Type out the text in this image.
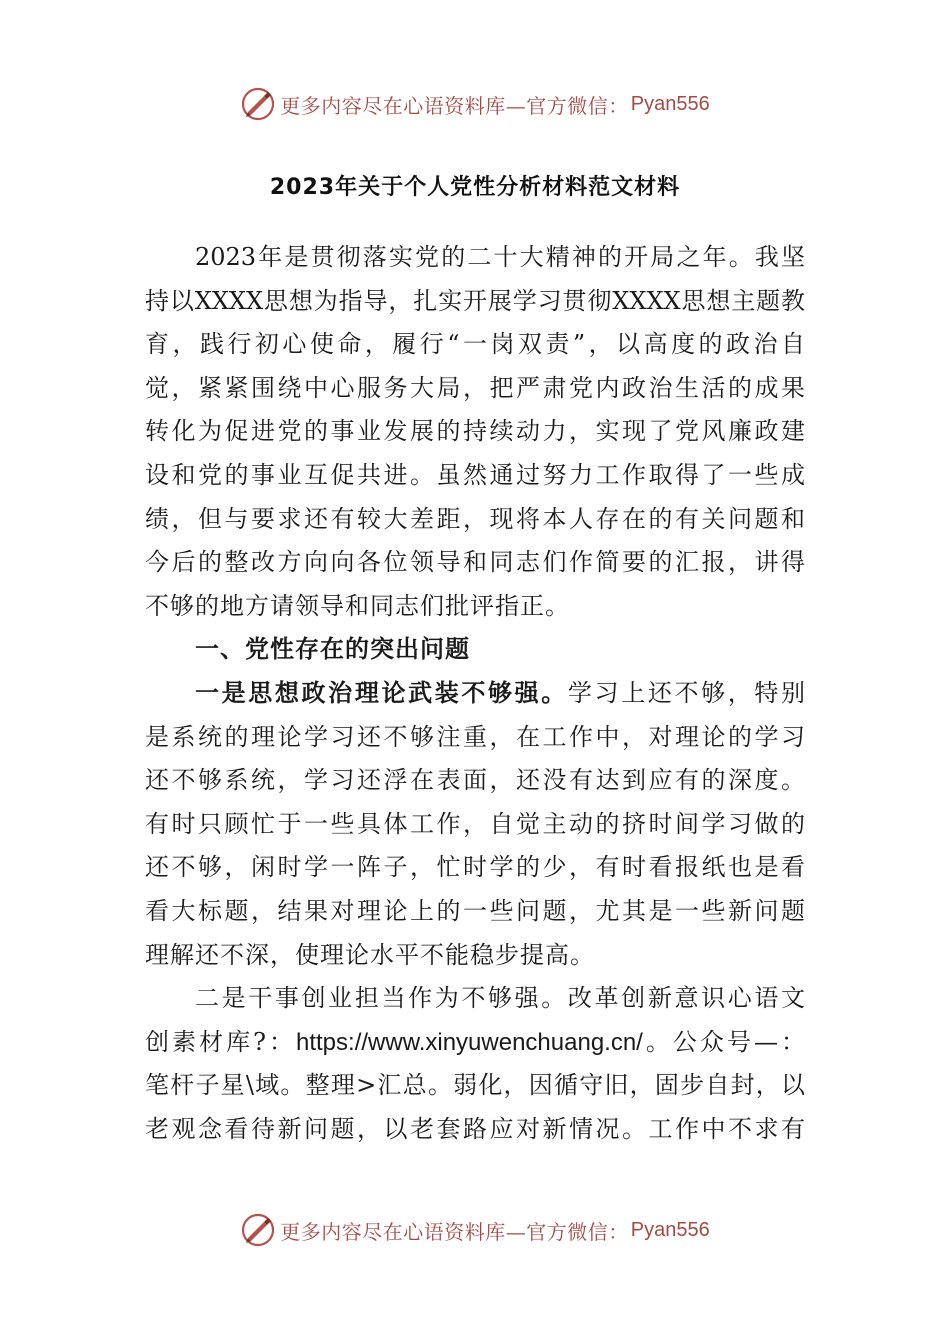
更多内容尽在心语资料库—官方微信： Pyan556
2023年关于个人党性分析材料范文材料
2023年是贯彻落实党的二十大精神的开局之年。我坚
持以XXXX思想为指导，扎实开展学习贯彻XXXX思想主题教
育，践行初心使命，履行“一岗双责”，以高度的政治自
觉，紧紧围绕中心服务大局，把严肃党内政治生活的成果
转化为促进党的事业发展的持续动力，实现了党风廉政建
设和党的事业互促共进。虽然通过努力工作取得了一些成
绩，但与要求还有较大差距，现将本人存在的有关问题和
今后的整改方向向各位领导和同志们作简要的汇报，讲得
不够的地方请领导和同志们批评指正。
一、党性存在的突出问题
一是思想政治理论武装不够强。学习上还不够，特别
是系统的理论学习还不够注重，在工作中，对理论的学习
还不够系统，学习还浮在表面，还没有达到应有的深度。
有时只顾忙于一些具体工作，自觉主动的挤时间学习做的
还不够，闲时学一阵子，忙时学的少，有时看报纸也是看
看大标题，结果对理论上的一些问题，尤其是一些新问题
理解还不深，使理论水平不能稳步提高。
二是干事创业担当作为不够强。改革创新意识心语文
创素材库?：https://www.xinyuwenchuang.cn/。公众号—：
笔杆子星\域。整理>汇总。弱化，因循守旧，固步自封，以
老观念看待新问题，以老套路应对新情况。工作中不求有
更多内容尽在心语资料库—官方微信： Pyan556
